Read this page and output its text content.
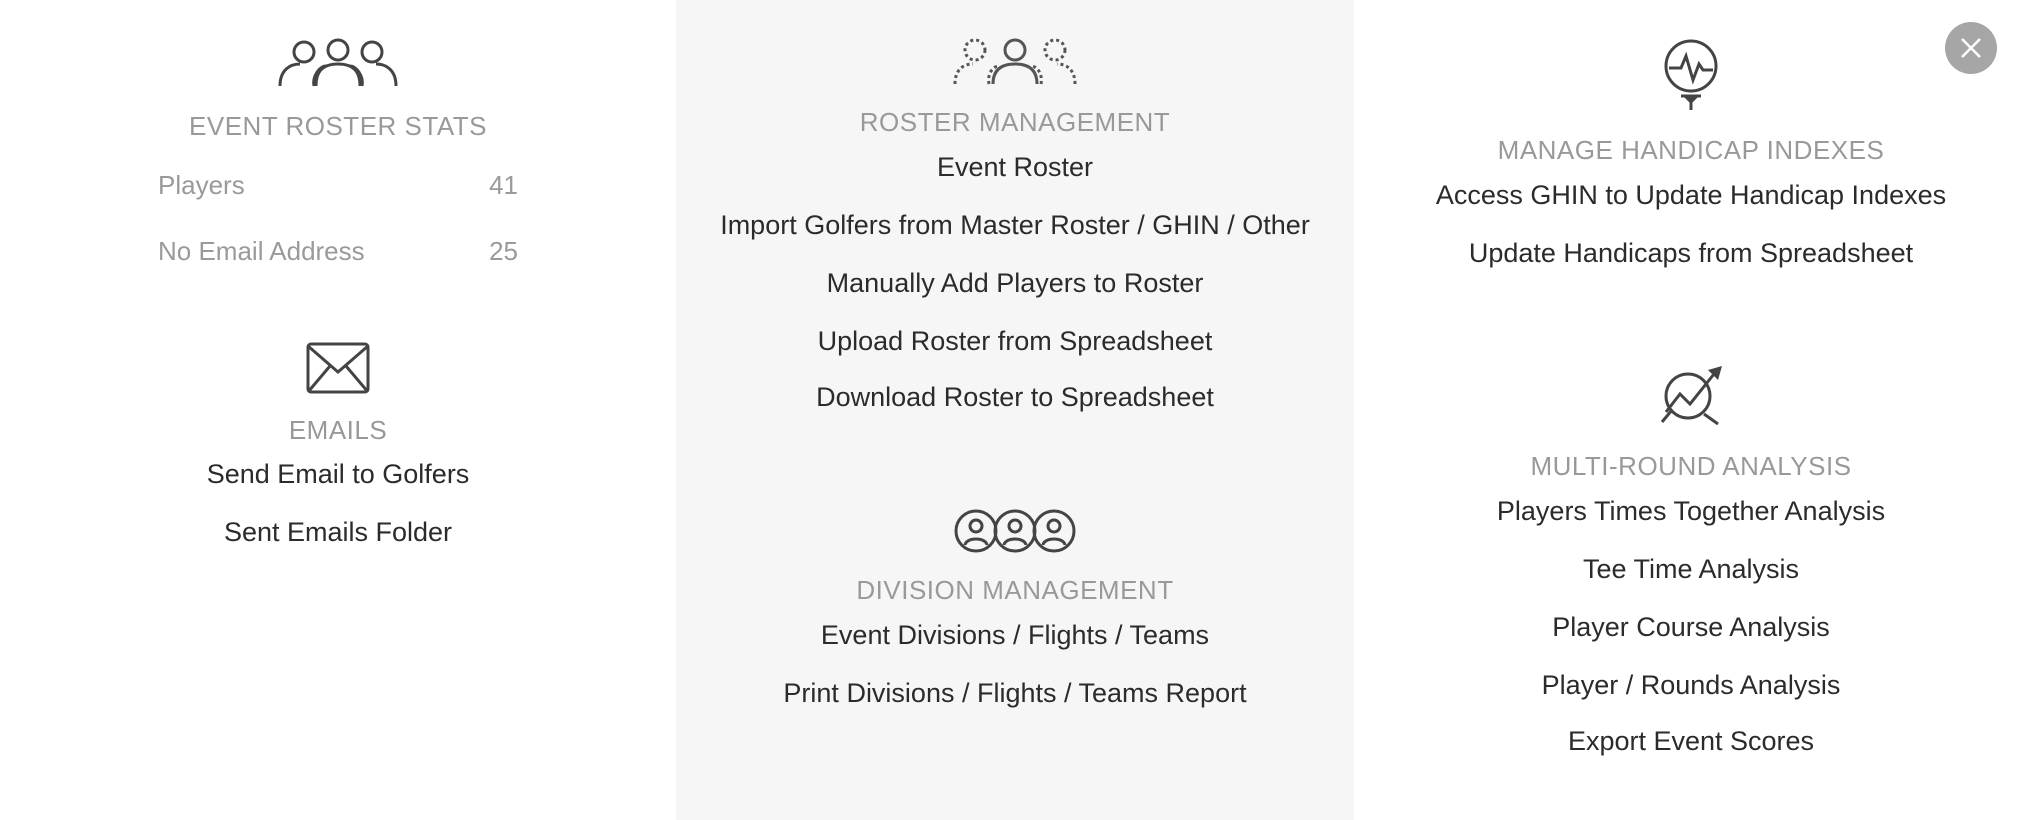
EVENT ROSTER STATS
Players	41
No Email Address	25
EMAILS
Send Email to Golfers
Sent Emails Folder
ROSTER MANAGEMENT
Event Roster
Import Golfers from Master Roster / GHIN / Other
Manually Add Players to Roster
Upload Roster from Spreadsheet
Download Roster to Spreadsheet
DIVISION MANAGEMENT
Event Divisions / Flights / Teams
Print Divisions / Flights / Teams Report
MANAGE HANDICAP INDEXES
Access GHIN to Update Handicap Indexes
Update Handicaps from Spreadsheet
MULTI-ROUND ANALYSIS
Players Times Together Analysis
Tee Time Analysis
Player Course Analysis
Player / Rounds Analysis
Export Event Scores
